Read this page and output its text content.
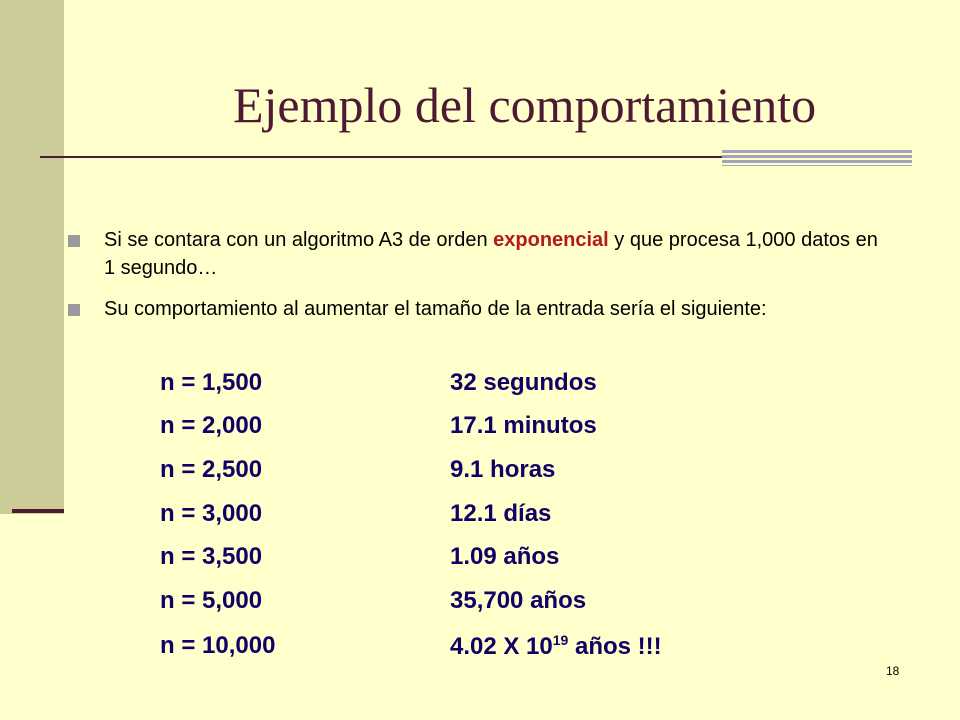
Ejemplo del comportamiento
Si se contara con un algoritmo A3 de orden exponencial y que procesa 1,000 datos en 1 segundo…
Su comportamiento al aumentar el tamaño de la entrada sería el siguiente:
n = 1,500	32 segundos
n = 2,000	17.1 minutos
n = 2,500	9.1 horas
n = 3,000	12.1 días
n = 3,500	1.09 años
n = 5,000	35,700 años
n = 10,000	4.02 X $10^{19}$ años !!!
18
